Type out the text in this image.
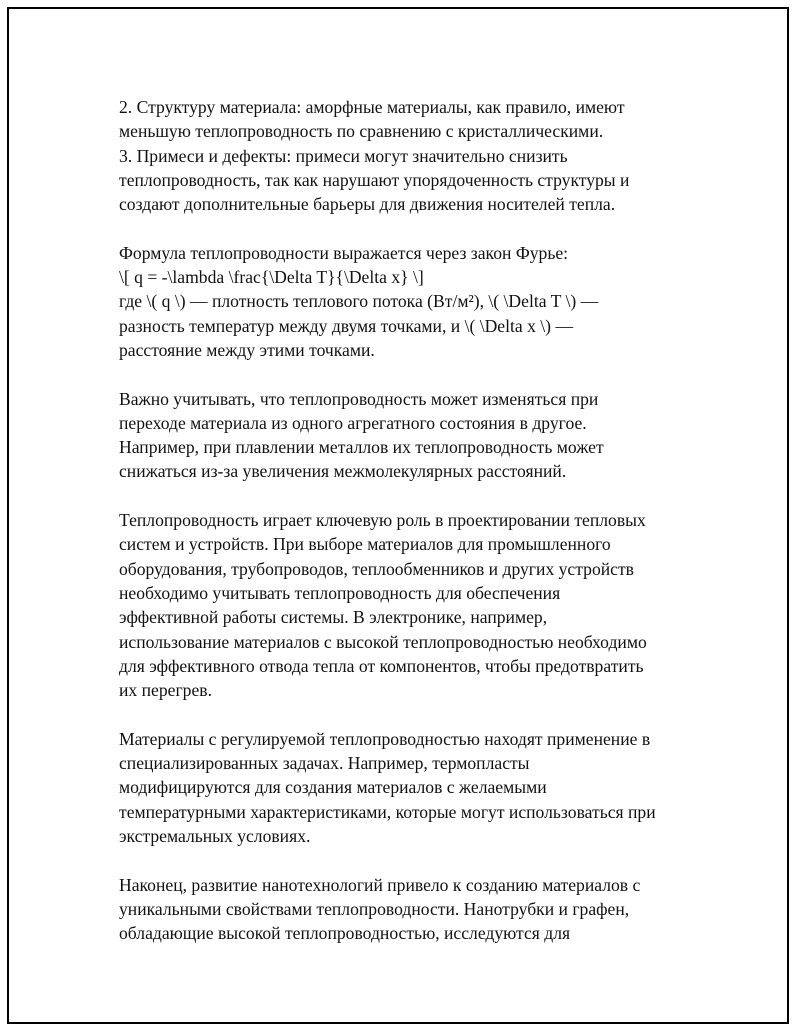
2. Структуру материала: аморфные материалы, как правило, имеют
меньшую теплопроводность по сравнению с кристаллическими.
3. Примеси и дефекты: примеси могут значительно снизить
теплопроводность, так как нарушают упорядоченность структуры и
создают дополнительные барьеры для движения носителей тепла.

Формула теплопроводности выражается через закон Фурье:
\[ q = -\lambda \frac{\Delta T}{\Delta x} \]
где \( q \) — плотность теплового потока (Вт/м²), \( \Delta T \) —
разность температур между двумя точками, и \( \Delta x \) —
расстояние между этими точками.

Важно учитывать, что теплопроводность может изменяться при
переходе материала из одного агрегатного состояния в другое.
Например, при плавлении металлов их теплопроводность может
снижаться из-за увеличения межмолекулярных расстояний.

Теплопроводность играет ключевую роль в проектировании тепловых
систем и устройств. При выборе материалов для промышленного
оборудования, трубопроводов, теплообменников и других устройств
необходимо учитывать теплопроводность для обеспечения
эффективной работы системы. В электронике, например,
использование материалов с высокой теплопроводностью необходимо
для эффективного отвода тепла от компонентов, чтобы предотвратить
их перегрев.

Материалы с регулируемой теплопроводностью находят применение в
специализированных задачах. Например, термопласты
модифицируются для создания материалов с желаемыми
температурными характеристиками, которые могут использоваться при
экстремальных условиях.

Наконец, развитие нанотехнологий привело к созданию материалов с
уникальными свойствами теплопроводности. Нанотрубки и графен,
обладающие высокой теплопроводностью, исследуются для
